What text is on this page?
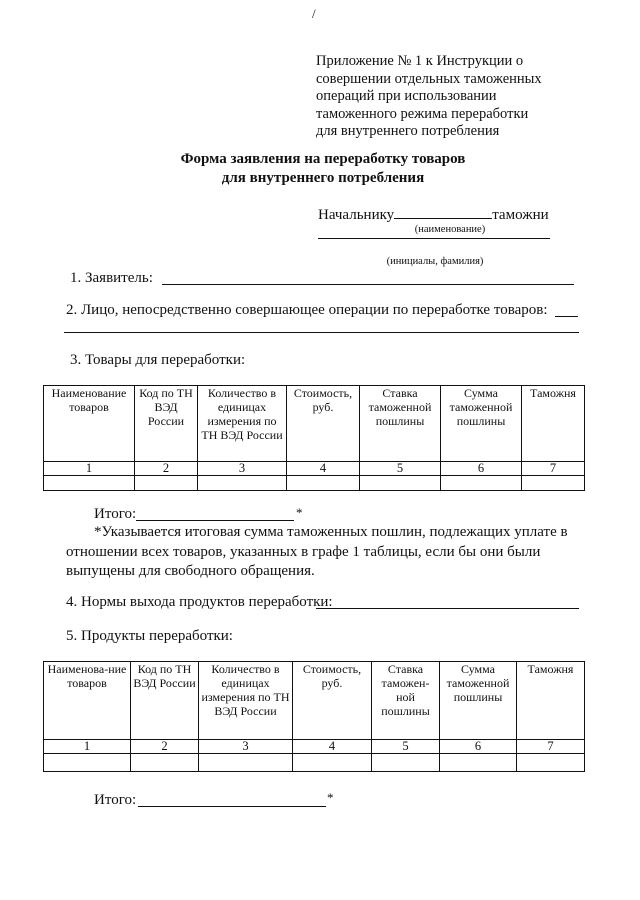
/
Приложение № 1 к Инструкции о
совершении отдельных таможенных
операций при использовании
таможенного режима переработки
для внутреннего потребления
Форма заявления на переработку товаров
для внутреннего потребления
Начальнику	таможни
(наименование)
(инициалы, фамилия)
1. Заявитель:
2. Лицо, непосредственно совершающее операции по переработке товаров:
3. Товары для переработки:
Наименование товаров	Код по ТН ВЭД России	Количество в единицах измерения по ТН ВЭД России	Стоимость, руб.	Ставка таможенной пошлины	Сумма таможенной пошлины	Таможня
1	2	3	4	5	6	7

Итого:	*
*Указывается итоговая сумма таможенных пошлин, подлежащих уплате в
отношении всех товаров, указанных в графе 1 таблицы, если бы они были
выпущены для свободного обращения.
4. Нормы выхода продуктов переработки:
5. Продукты переработки:
Наименова-ние товаров	Код по ТН ВЭД России	Количество в единицах измерения по ТН ВЭД России	Стоимость, руб.	Ставка таможен-ной пошлины	Сумма таможенной пошлины	Таможня
1	2	3	4	5	6	7

Итого:	*
